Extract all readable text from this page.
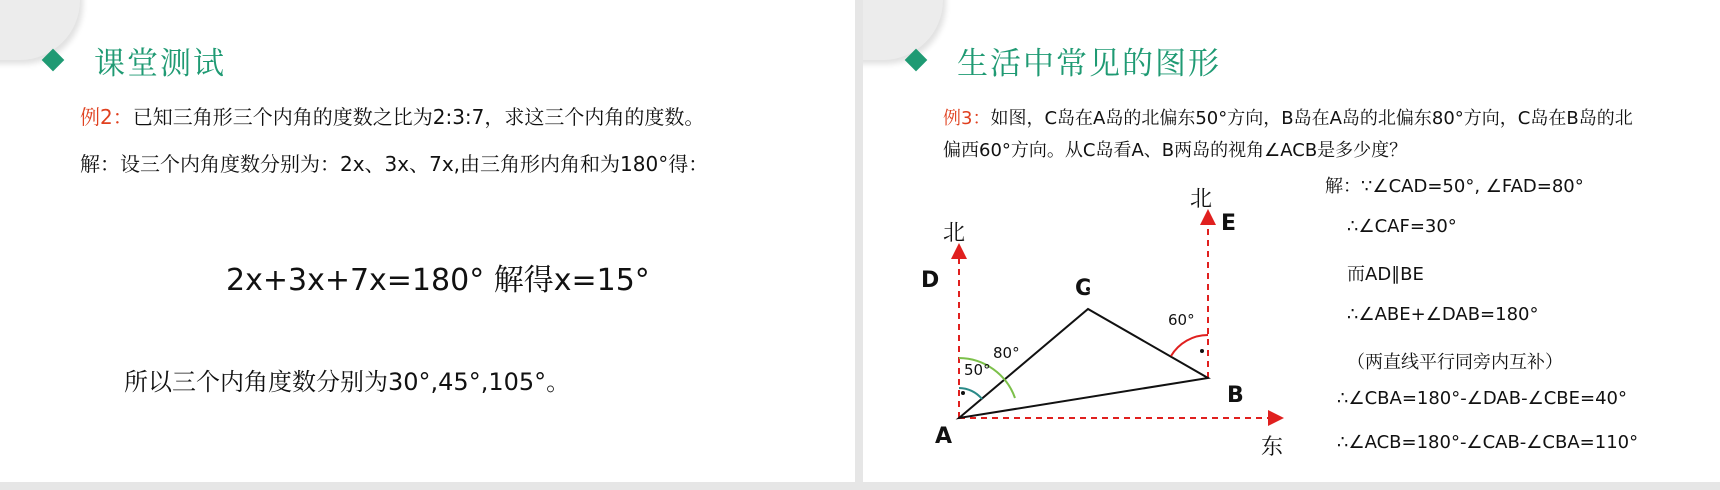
课堂测试
例2：已知三角形三个内角的度数之比为2:3:7，求这三个内角的度数。
解：设三个内角度数分别为：2x、3x、7x,由三角形内角和为180°得：
2x+3x+7x=180° 解得x=15°
所以三个内角度数分别为30°,45°,105°。
生活中常见的图形
例3：如图，C岛在A岛的北偏东50°方向，B岛在A岛的北偏东80°方向，C岛在B岛的北
偏西60°方向。从C岛看A、B两岛的视角∠ACB是多少度？
北
北
东
D
E
C
B
A
50°
80°
60°
解：∵∠CAD=50°, ∠FAD=80°
∴∠CAF=30°
而AD∥BE
∴∠ABE+∠DAB=180°
（两直线平行同旁内互补）
∴∠CBA=180°-∠DAB-∠CBE=40°
∴∠ACB=180°-∠CAB-∠CBA=110°
